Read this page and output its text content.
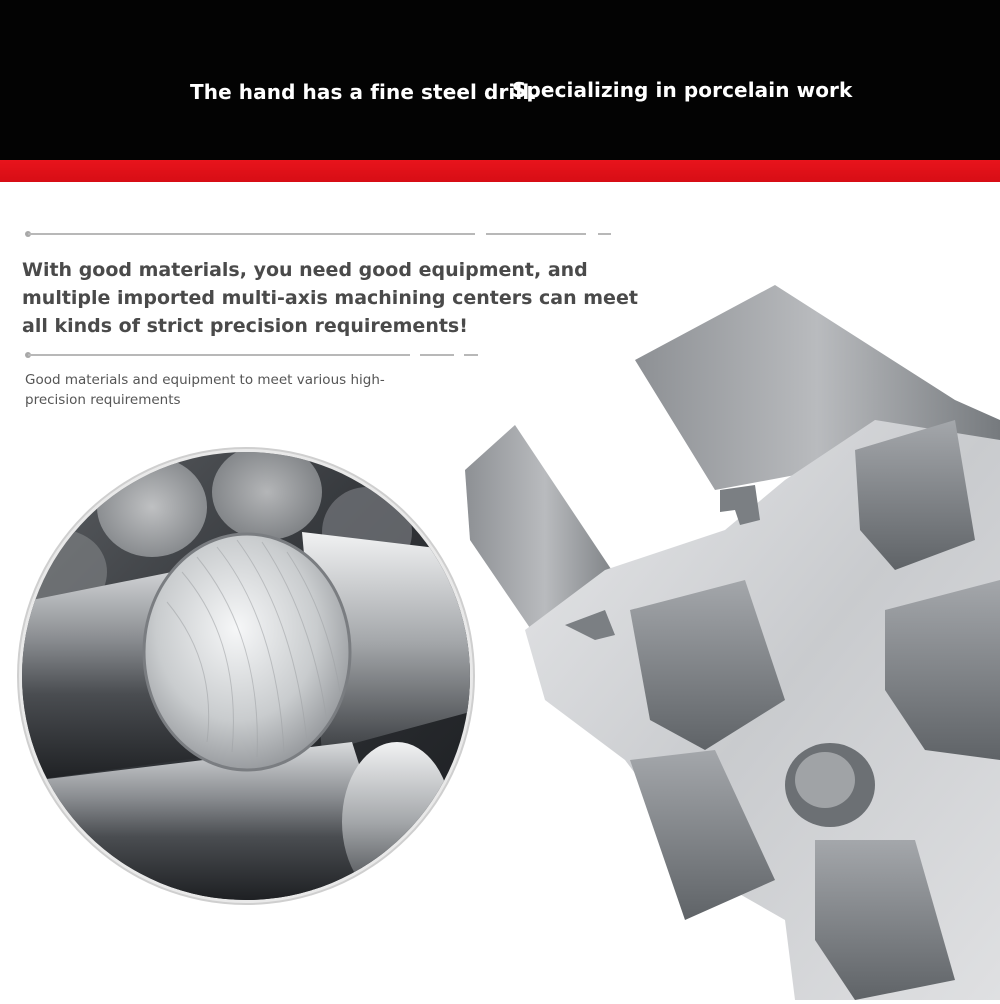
The hand has a fine steel drill.
Specializing in porcelain work

With good materials, you need good equipment, and multiple imported multi-axis machining centers can meet all kinds of strict precision requirements!

Good materials and equipment to meet various high-precision requirements
